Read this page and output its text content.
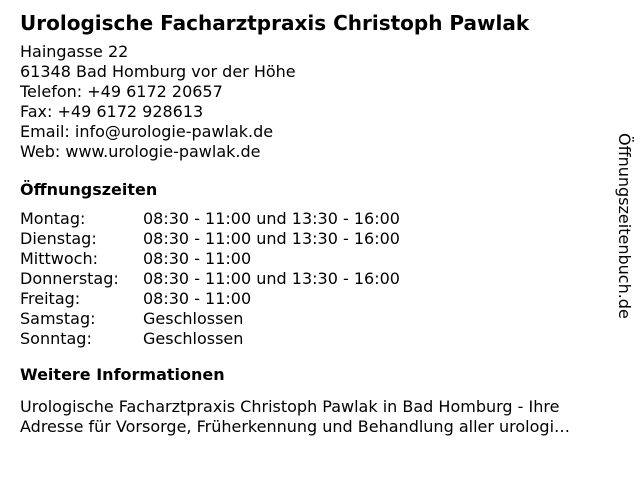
Urologische Facharztpraxis Christoph Pawlak
Haingasse 22
61348 Bad Homburg vor der Höhe
Telefon: +49 6172 20657
Fax: +49 6172 928613
Email: info@urologie-pawlak.de
Web: www.urologie-pawlak.de
Öffnungszeiten
Montag:	08:30 - 11:00 und 13:30 - 16:00
Dienstag:	08:30 - 11:00 und 13:30 - 16:00
Mittwoch:	08:30 - 11:00
Donnerstag:	08:30 - 11:00 und 13:30 - 16:00
Freitag:	08:30 - 11:00
Samstag:	Geschlossen
Sonntag:	Geschlossen
Weitere Informationen
Urologische Facharztpraxis Christoph Pawlak in Bad Homburg - Ihre
Adresse für Vorsorge, Früherkennung und Behandlung aller urologi…
Öffnungszeitenbuch.de
